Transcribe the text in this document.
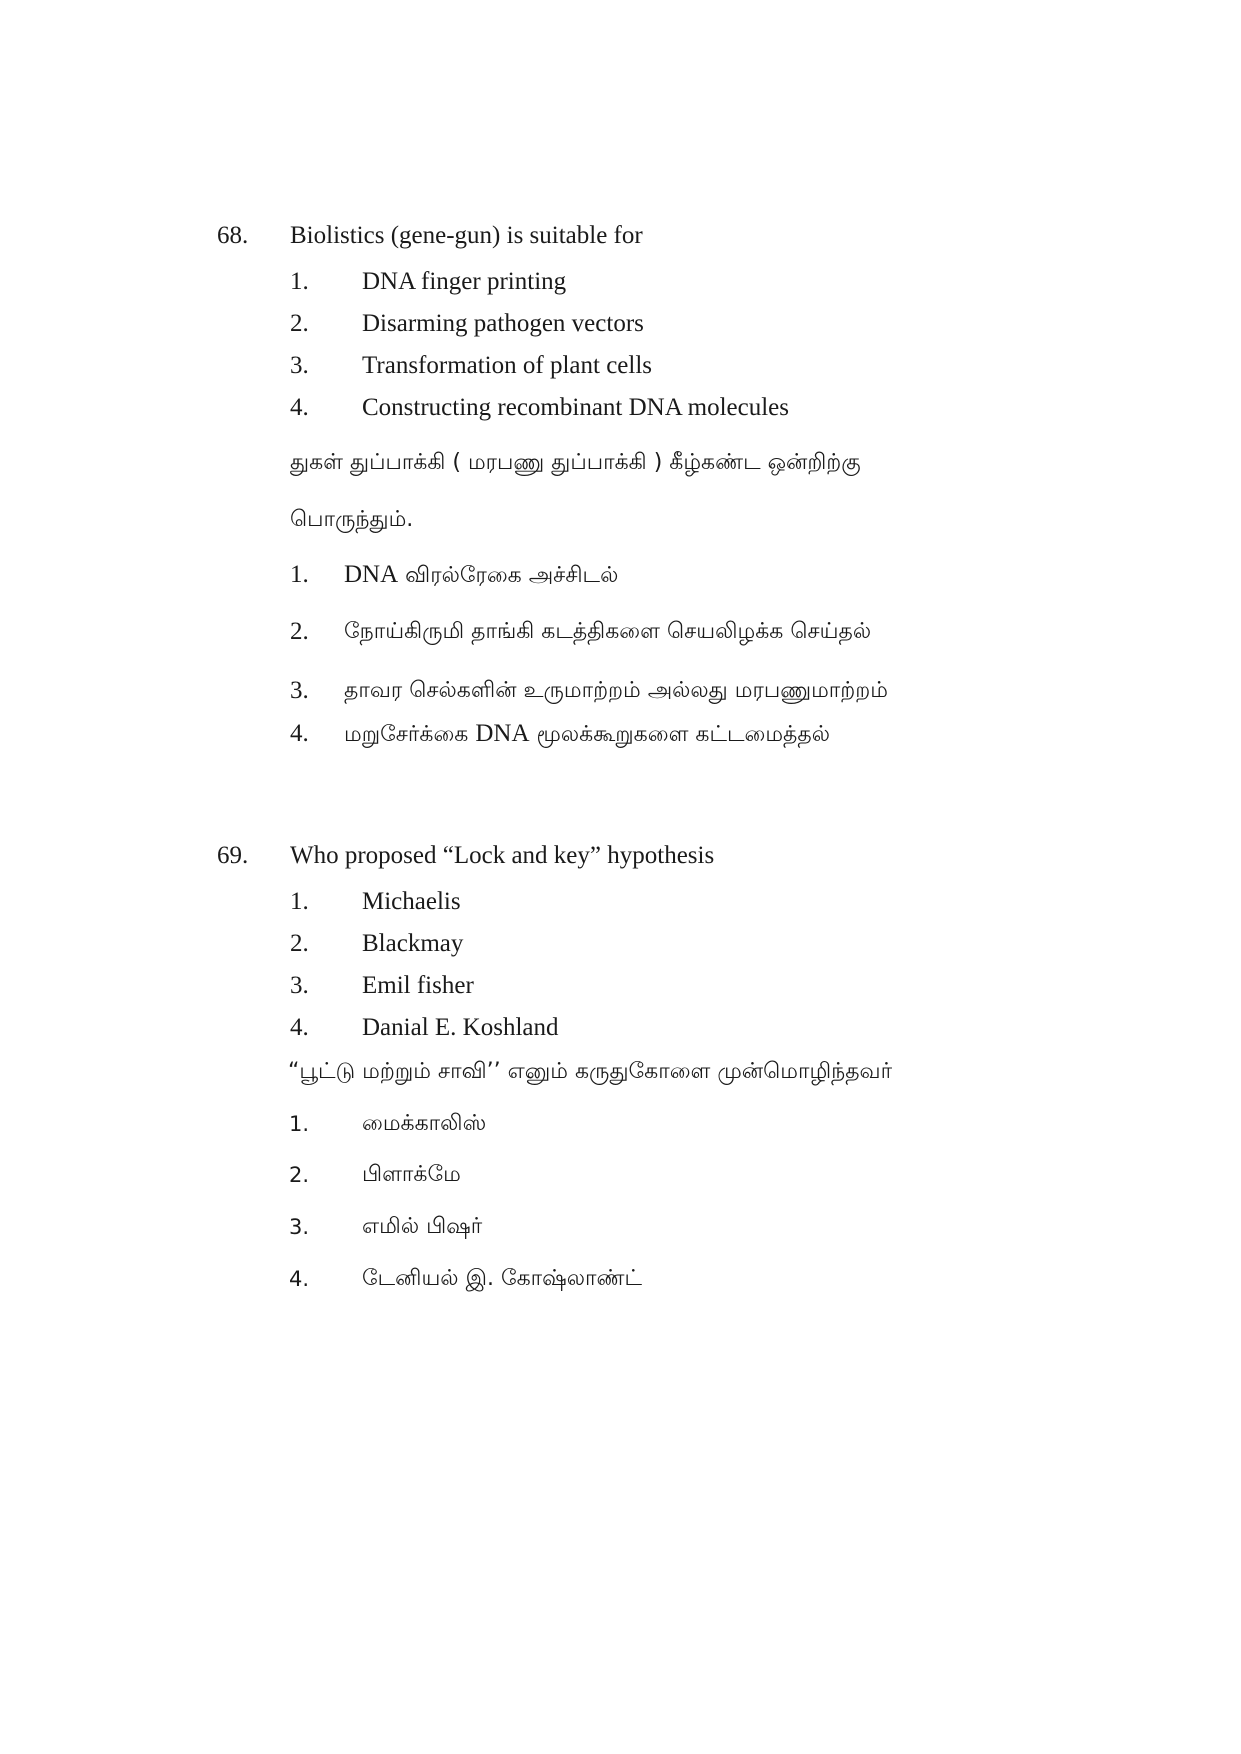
68. Biolistics (gene-gun) is suitable for
1. DNA finger printing
2. Disarming pathogen vectors
3. Transformation of plant cells
4. Constructing recombinant DNA molecules
துகள் துப்பாக்கி ( மரபணு துப்பாக்கி ) கீழ்கண்ட ஒன்றிற்கு
பொருந்தும்.
1. DNA விரல்ரேகை அச்சிடல்
2. நோய்கிருமி தாங்கி கடத்திகளை செயலிழக்க செய்தல்
3. தாவர செல்களின் உருமாற்றம் அல்லது மரபணுமாற்றம்
4. மறுசேர்க்கை DNA மூலக்கூறுகளை கட்டமைத்தல்
69. Who proposed “Lock and key” hypothesis
1. Michaelis
2. Blackmay
3. Emil fisher
4. Danial E. Koshland
“பூட்டு மற்றும் சாவி’’ எனும் கருதுகோளை முன்மொழிந்தவர்
1. மைக்காலிஸ்
2. பிளாக்மே
3. எமில் பிஷர்
4. டேனியல் இ. கோஷ்லாண்ட்
